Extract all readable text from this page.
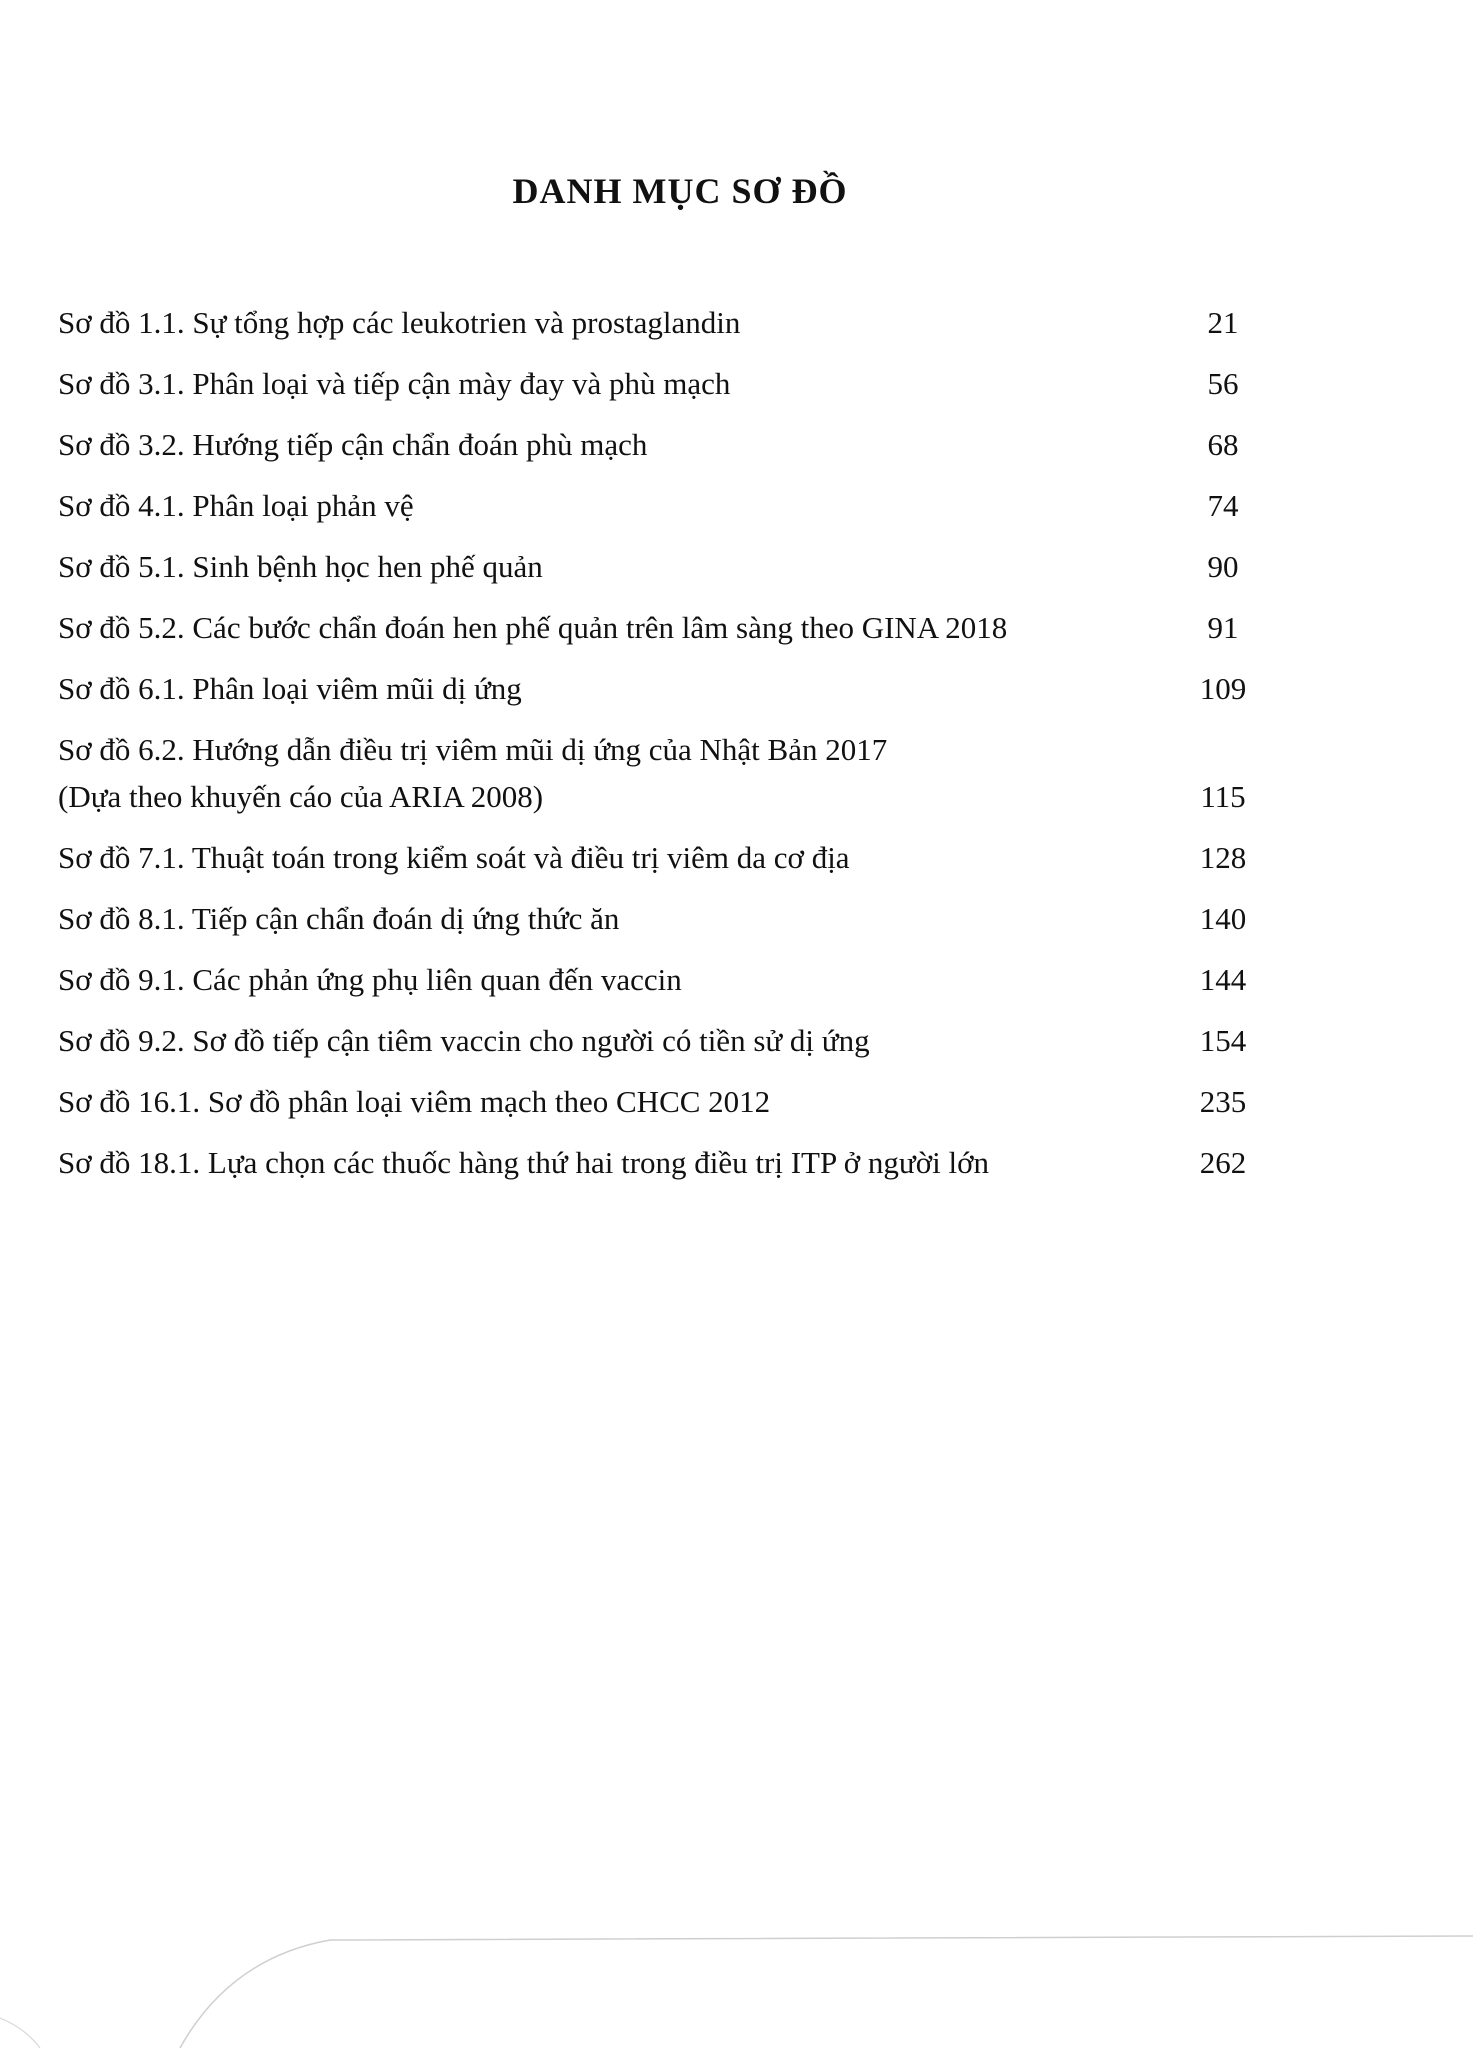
DANH MỤC SƠ ĐỒ
Sơ đồ 1.1. Sự tổng hợp các leukotrien và prostaglandin	21
Sơ đồ 3.1. Phân loại và tiếp cận mày đay và phù mạch	56
Sơ đồ 3.2. Hướng tiếp cận chẩn đoán phù mạch	68
Sơ đồ 4.1. Phân loại phản vệ	74
Sơ đồ 5.1. Sinh bệnh học hen phế quản	90
Sơ đồ 5.2. Các bước chẩn đoán hen phế quản trên lâm sàng theo GINA 2018	91
Sơ đồ 6.1. Phân loại viêm mũi dị ứng	109
Sơ đồ 6.2. Hướng dẫn điều trị viêm mũi dị ứng của Nhật Bản 2017
(Dựa theo khuyến cáo của ARIA 2008)	115
Sơ đồ 7.1. Thuật toán trong kiểm soát và điều trị viêm da cơ địa	128
Sơ đồ 8.1. Tiếp cận chẩn đoán dị ứng thức ăn	140
Sơ đồ 9.1. Các phản ứng phụ liên quan đến vaccin	144
Sơ đồ 9.2. Sơ đồ tiếp cận tiêm vaccin cho người có tiền sử dị ứng	154
Sơ đồ 16.1. Sơ đồ phân loại viêm mạch theo CHCC 2012	235
Sơ đồ 18.1. Lựa chọn các thuốc hàng thứ hai trong điều trị ITP ở người lớn	262
